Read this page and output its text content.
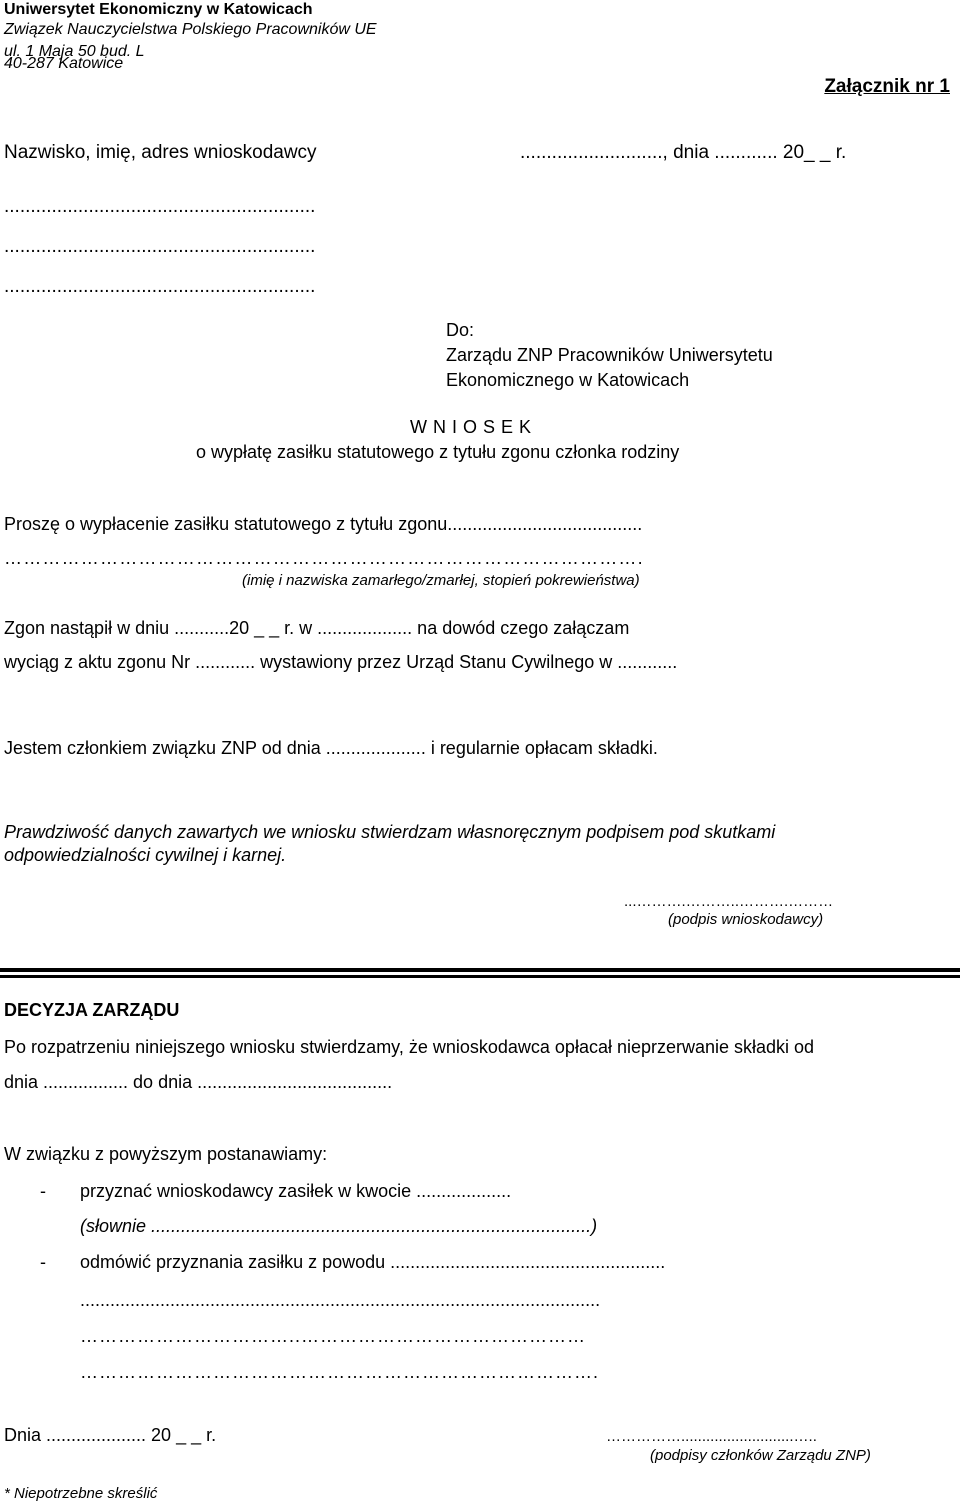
Uniwersytet Ekonomiczny w Katowicach
Związek Nauczycielstwa Polskiego Pracowników UE
ul. 1 Maja 50 bud. L
40-287 Katowice
Załącznik nr 1
Nazwisko, imię, adres wnioskodawcy	..........................., dnia ............ 20_ _ r.
...........................................................
...........................................................
...........................................................
Do:
Zarządu ZNP Pracowników Uniwersytetu
Ekonomicznego w Katowicach
W N I O S E K
o wypłatę zasiłku statutowego z tytułu zgonu członka rodziny
Proszę o wypłacenie zasiłku statutowego z tytułu zgonu.......................................
……………………………………………………………………………………….
(imię i nazwiska zamarłego/zmarłej, stopień pokrewieństwa)
Zgon nastąpił w dniu ...........20 _ _ r. w ................... na dowód czego załączam
wyciąg z aktu zgonu Nr ............ wystawiony przez Urząd Stanu Cywilnego w ............
Jestem członkiem związku ZNP od dnia .................... i regularnie opłacam składki.
Prawdziwość danych zawartych we wniosku stwierdzam własnoręcznym podpisem pod skutkami
odpowiedzialności cywilnej i karnej.
...……….………..……….………
(podpis wnioskodawcy)
DECYZJA ZARZĄDU
Po rozpatrzeniu niniejszego wniosku stwierdzamy, że wnioskodawca opłacał nieprzerwanie składki od
dnia ................. do dnia .......................................
W związku z powyższym postanawiamy:
- przyznać wnioskodawcy zasiłek w kwocie ...................
(słownie ........................................................................................)
- odmówić przyznania zasiłku z powodu .......................................................
........................................................................................................
……………………………..………………………………………
……………………………………………………………………….
Dnia .................... 20 _ _ r.	……………...........................…..
(podpisy członków Zarządu ZNP)
* Niepotrzebne skreślić
